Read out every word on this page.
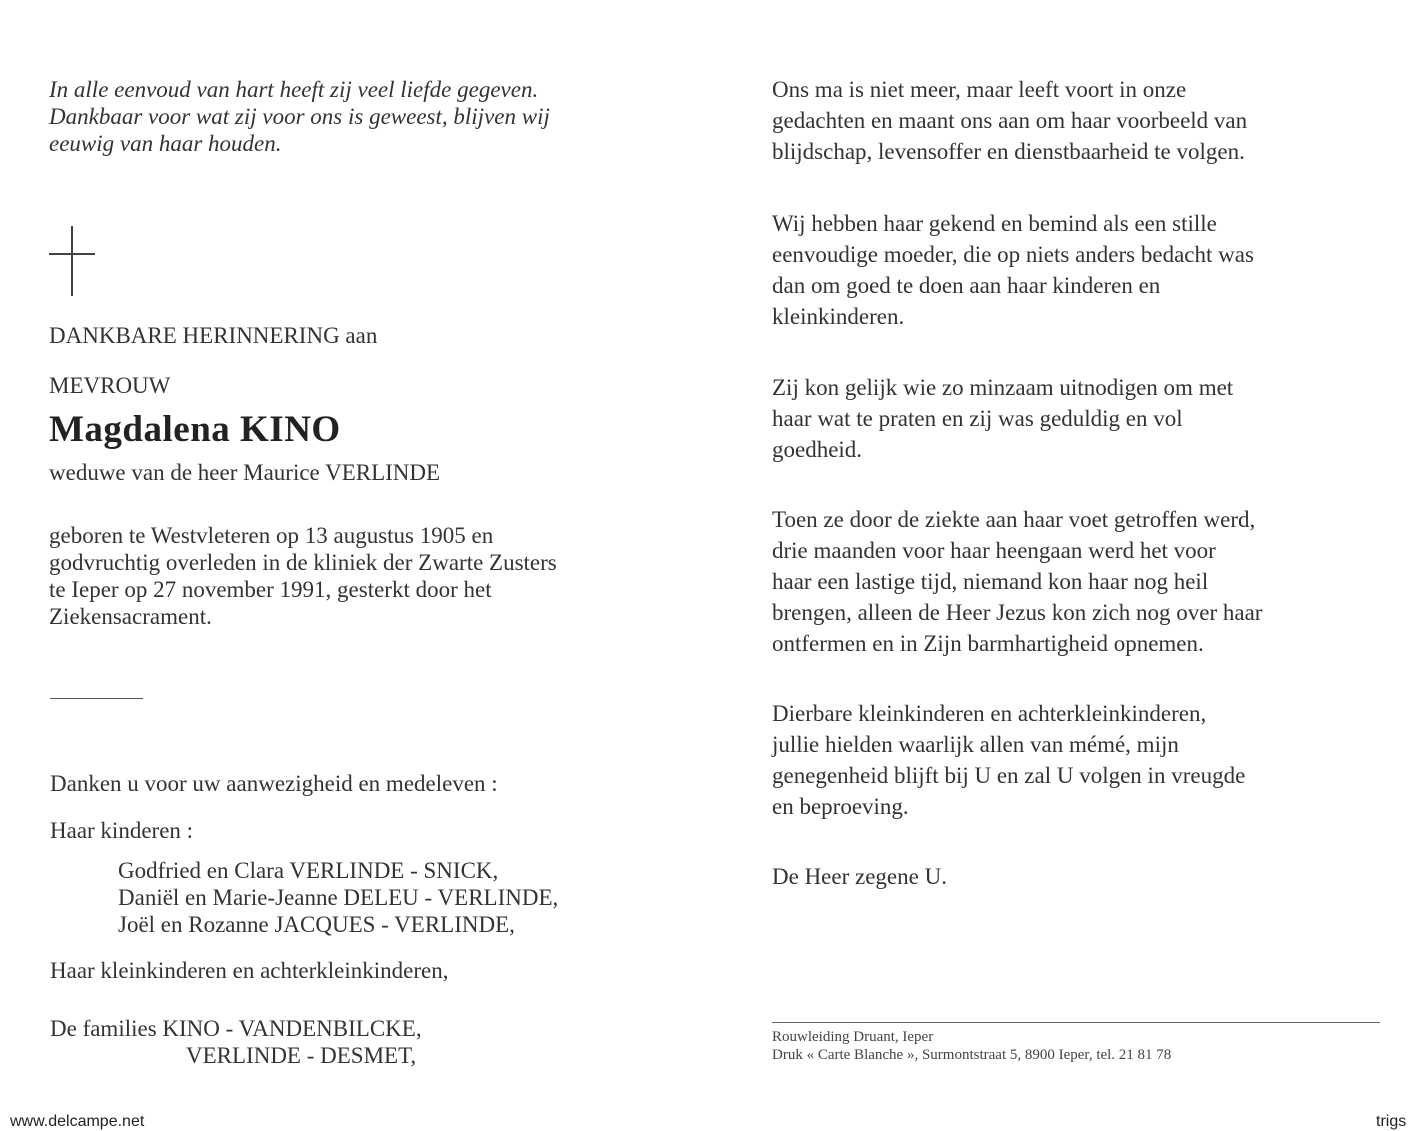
In alle eenvoud van hart heeft zij veel liefde gegeven.
Dankbaar voor wat zij voor ons is geweest, blijven wij
eeuwig van haar houden.
DANKBARE HERINNERING aan
MEVROUW
Magdalena KINO
weduwe van de heer Maurice VERLINDE
geboren te Westvleteren op 13 augustus 1905 en
godvruchtig overleden in de kliniek der Zwarte Zusters
te Ieper op 27 november 1991, gesterkt door het
Ziekensacrament.
Danken u voor uw aanwezigheid en medeleven :
Haar kinderen :
Godfried en Clara VERLINDE - SNICK,
Daniël en Marie-Jeanne DELEU - VERLINDE,
Joël en Rozanne JACQUES - VERLINDE,
Haar kleinkinderen en achterkleinkinderen,
De families KINO - VANDENBILCKE,
VERLINDE - DESMET,
Ons ma is niet meer, maar leeft voort in onze
gedachten en maant ons aan om haar voorbeeld van
blijdschap, levensoffer en dienstbaarheid te volgen.
Wij hebben haar gekend en bemind als een stille
eenvoudige moeder, die op niets anders bedacht was
dan om goed te doen aan haar kinderen en
kleinkinderen.
Zij kon gelijk wie zo minzaam uitnodigen om met
haar wat te praten en zij was geduldig en vol
goedheid.
Toen ze door de ziekte aan haar voet getroffen werd,
drie maanden voor haar heengaan werd het voor
haar een lastige tijd, niemand kon haar nog heil
brengen, alleen de Heer Jezus kon zich nog over haar
ontfermen en in Zijn barmhartigheid opnemen.
Dierbare kleinkinderen en achterkleinkinderen,
jullie hielden waarlijk allen van mémé, mijn
genegenheid blijft bij U en zal U volgen in vreugde
en beproeving.
De Heer zegene U.
Rouwleiding Druant, Ieper
Druk « Carte Blanche », Surmontstraat 5, 8900 Ieper, tel. 21 81 78
www.delcampe.net	trigs
